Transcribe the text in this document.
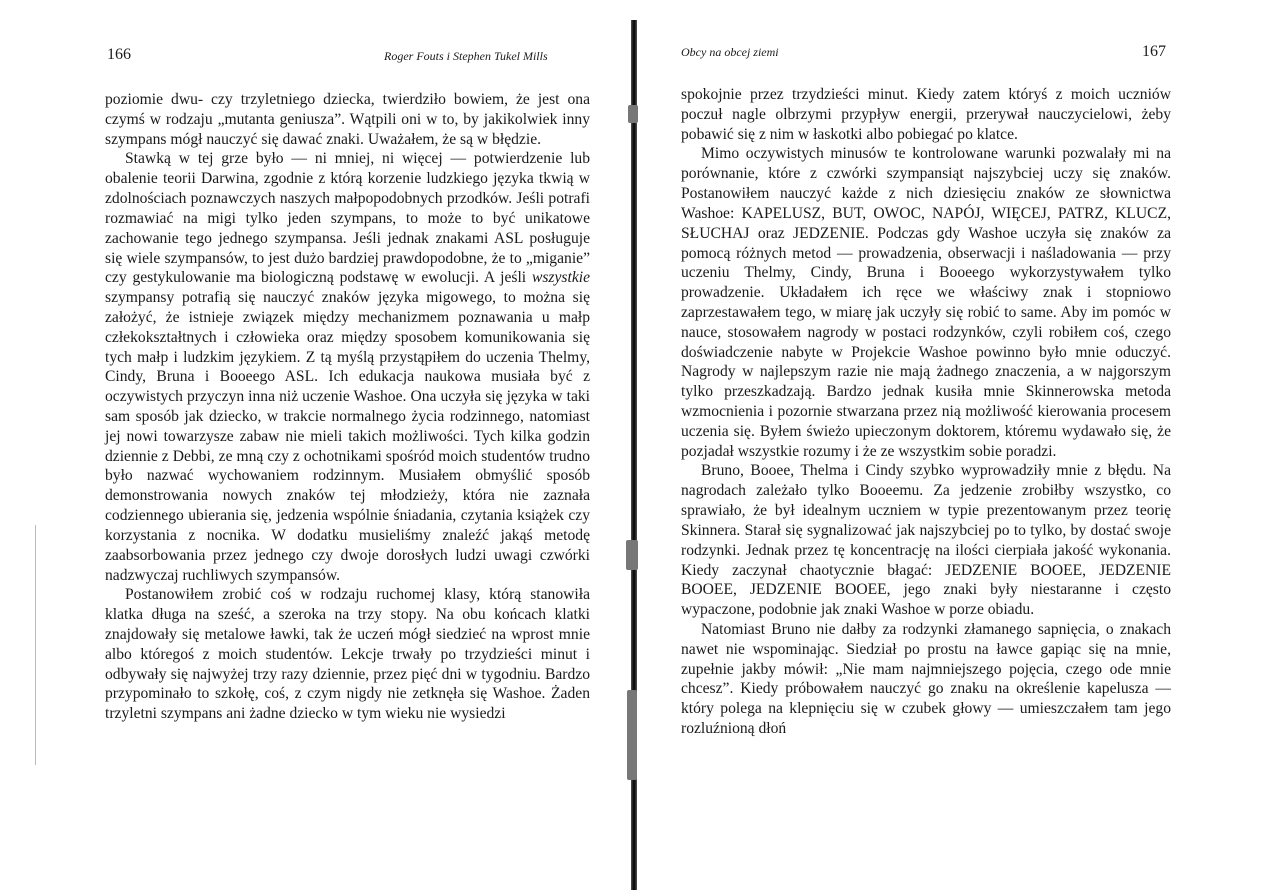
166	Roger Fouts i Stephen Tukel Mills

poziomie dwu- czy trzyletniego dziecka, twierdziło bowiem, że jest ona czymś w rodzaju „mutanta geniusza”. Wątpili oni w to, by jakikolwiek inny szympans mógł nauczyć się dawać znaki. Uważałem, że są w błędzie.

Stawką w tej grze było — ni mniej, ni więcej — potwierdzenie lub obalenie teorii Darwina, zgodnie z którą korzenie ludzkiego języka tkwią w zdolnościach poznawczych naszych małpopodobnych przodków. Jeśli potrafi rozmawiać na migi tylko jeden szympans, to może to być unikatowe zachowanie tego jednego szympansa. Jeśli jednak znakami ASL posługuje się wiele szympansów, to jest dużo bardziej prawdopodobne, że to „miganie” czy gestykulowanie ma biologiczną podstawę w ewolucji. A jeśli wszystkie szympansy potrafią się nauczyć znaków języka migowego, to można się założyć, że istnieje związek między mechanizmem poznawania u małp człekokształtnych i człowieka oraz między sposobem komunikowania się tych małp i ludzkim językiem. Z tą myślą przystąpiłem do uczenia Thelmy, Cindy, Bruna i Booeego ASL. Ich edukacja naukowa musiała być z oczywistych przyczyn inna niż uczenie Washoe. Ona uczyła się języka w taki sam sposób jak dziecko, w trakcie normalnego życia rodzinnego, natomiast jej nowi towarzysze zabaw nie mieli takich możliwości. Tych kilka godzin dziennie z Debbi, ze mną czy z ochotnikami spośród moich studentów trudno było nazwać wychowaniem rodzinnym. Musiałem obmyślić sposób demonstrowania nowych znaków tej młodzieży, która nie zaznała codziennego ubierania się, jedzenia wspólnie śniadania, czytania książek czy korzystania z nocnika. W dodatku musieliśmy znaleźć jakąś metodę zaabsorbowania przez jednego czy dwoje dorosłych ludzi uwagi czwórki nadzwyczaj ruchliwych szympansów.

Postanowiłem zrobić coś w rodzaju ruchomej klasy, którą stanowiła klatka długa na sześć, a szeroka na trzy stopy. Na obu końcach klatki znajdowały się metalowe ławki, tak że uczeń mógł siedzieć na wprost mnie albo któregoś z moich studentów. Lekcje trwały po trzydzieści minut i odbywały się najwyżej trzy razy dziennie, przez pięć dni w tygodniu. Bardzo przypominało to szkołę, coś, z czym nigdy nie zetknęła się Washoe. Żaden trzyletni szympans ani żadne dziecko w tym wieku nie wysiedzi

Obcy na obcej ziemi	167

spokojnie przez trzydzieści minut. Kiedy zatem któryś z moich uczniów poczuł nagle olbrzymi przypływ energii, przerywał nauczycielowi, żeby pobawić się z nim w łaskotki albo pobiegać po klatce.

Mimo oczywistych minusów te kontrolowane warunki pozwalały mi na porównanie, które z czwórki szympansiąt najszybciej uczy się znaków. Postanowiłem nauczyć każde z nich dziesięciu znaków ze słownictwa Washoe: KAPELUSZ, BUT, OWOC, NAPÓJ, WIĘCEJ, PATRZ, KLUCZ, SŁUCHAJ oraz JEDZENIE. Podczas gdy Washoe uczyła się znaków za pomocą różnych metod — prowadzenia, obserwacji i naśladowania — przy uczeniu Thelmy, Cindy, Bruna i Booeego wykorzystywałem tylko prowadzenie. Układałem ich ręce we właściwy znak i stopniowo zaprzestawałem tego, w miarę jak uczyły się robić to same. Aby im pomóc w nauce, stosowałem nagrody w postaci rodzynków, czyli robiłem coś, czego doświadczenie nabyte w Projekcie Washoe powinno było mnie oduczyć. Nagrody w najlepszym razie nie mają żadnego znaczenia, a w najgorszym tylko przeszkadzają. Bardzo jednak kusiła mnie Skinnerowska metoda wzmocnienia i pozornie stwarzana przez nią możliwość kierowania procesem uczenia się. Byłem świeżo upieczonym doktorem, któremu wydawało się, że pozjadał wszystkie rozumy i że ze wszystkim sobie poradzi.

Bruno, Booee, Thelma i Cindy szybko wyprowadziły mnie z błędu. Na nagrodach zależało tylko Booeemu. Za jedzenie zrobiłby wszystko, co sprawiało, że był idealnym uczniem w typie prezentowanym przez teorię Skinnera. Starał się sygnalizować jak najszybciej po to tylko, by dostać swoje rodzynki. Jednak przez tę koncentrację na ilości cierpiała jakość wykonania. Kiedy zaczynał chaotycznie błagać: JEDZENIE BOOEE, JEDZENIE BOOEE, JEDZENIE BOOEE, jego znaki były niestaranne i często wypaczone, podobnie jak znaki Washoe w porze obiadu.

Natomiast Bruno nie dałby za rodzynki złamanego sapnięcia, o znakach nawet nie wspominając. Siedział po prostu na ławce gapiąc się na mnie, zupełnie jakby mówił: „Nie mam najmniejszego pojęcia, czego ode mnie chcesz”. Kiedy próbowałem nauczyć go znaku na określenie kapelusza — który polega na klepnięciu się w czubek głowy — umieszczałem tam jego rozluźnioną dłoń
